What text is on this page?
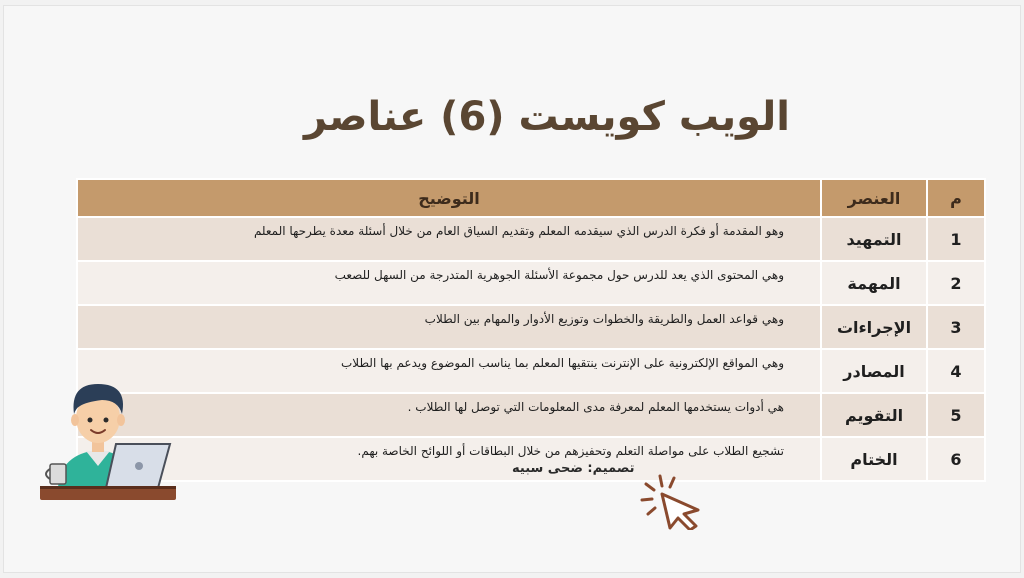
الويب كويست (6) عناصر
م	العنصر	التوضيح
1	التمهيد	وهو المقدمة أو فكرة الدرس الذي سيقدمه المعلم وتقديم السياق العام من خلال أسئلة معدة يطرحها المعلم
2	المهمة	وهي المحتوى الذي يعد للدرس حول مجموعة الأسئلة الجوهرية المتدرجة من السهل للصعب
3	الإجراءات	وهي قواعد العمل والطريقة والخطوات وتوزيع الأدوار والمهام بين الطلاب
4	المصادر	وهي المواقع الإلكترونية على الإنترنت ينتقيها المعلم بما يناسب الموضوع ويدعم بها الطلاب
5	التقويم	هي أدوات يستخدمها المعلم لمعرفة مدى المعلومات التي توصل لها الطلاب .
6	الختام	تشجيع الطلاب على مواصلة التعلم وتحفيزهم من خلال البطاقات أو اللوائح الخاصة بهم.
تصميم: ضحى سبيه
